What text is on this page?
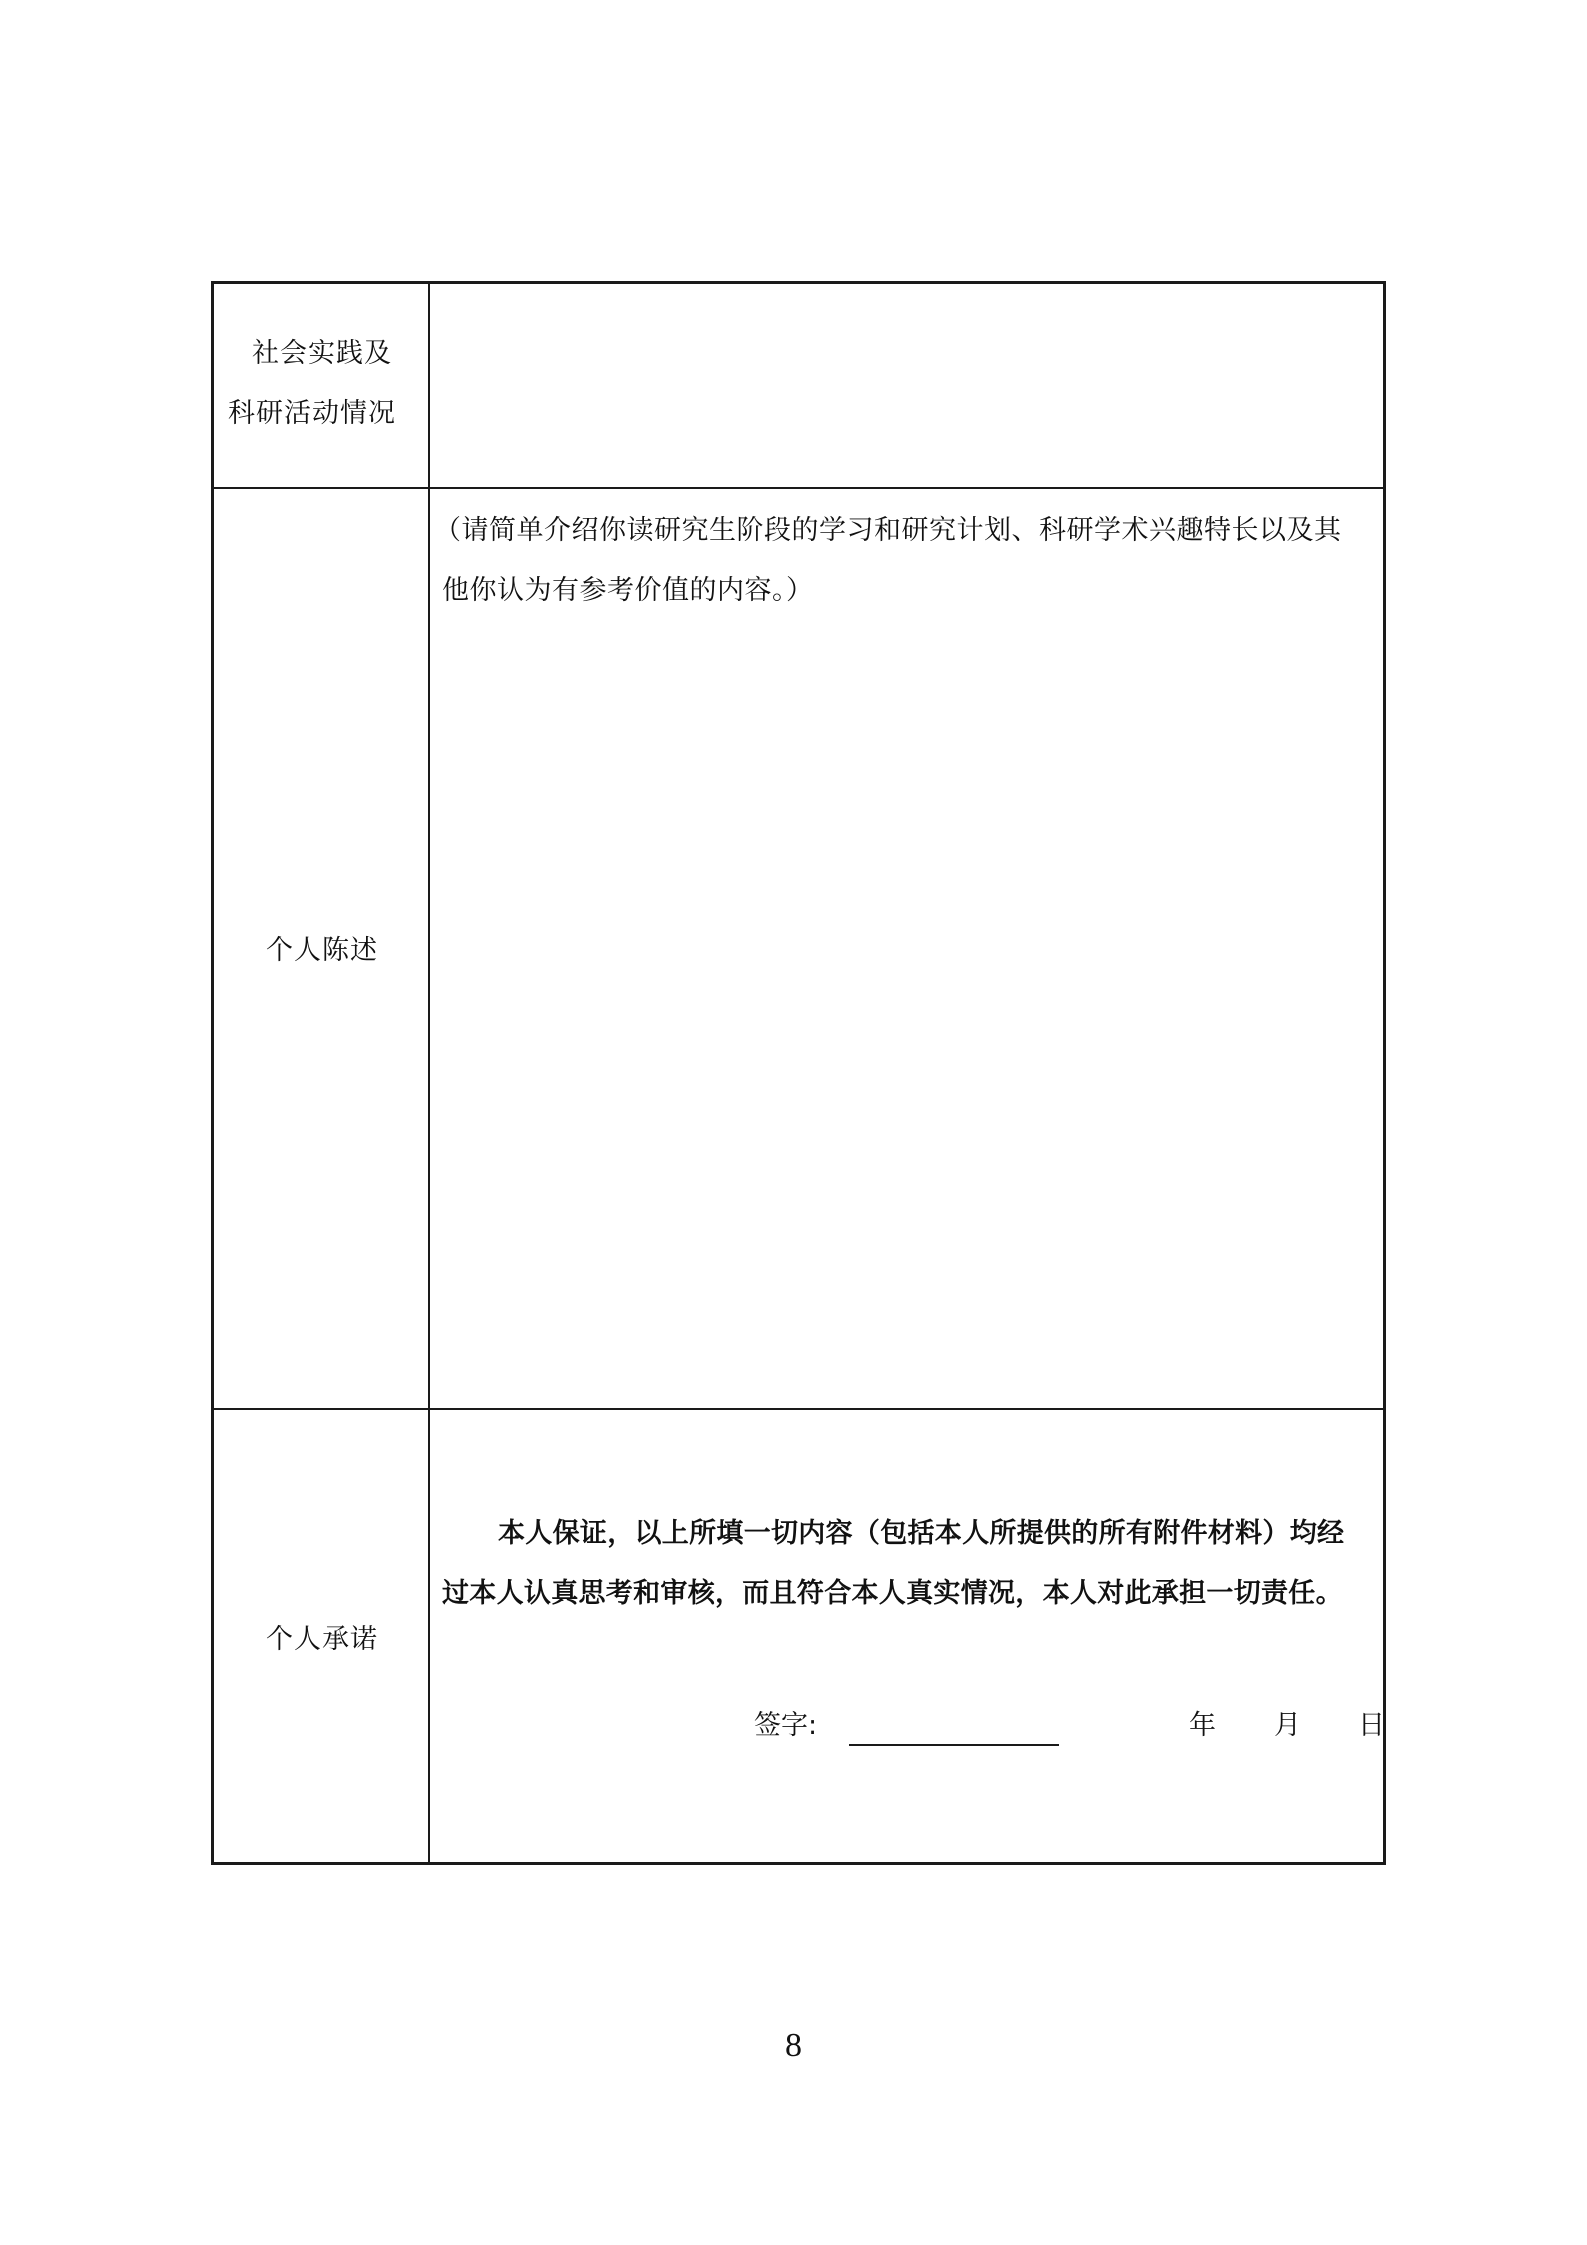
社会实践及
科研活动情况
个人陈述
（请简单介绍你读研究生阶段的学习和研究计划、科研学术兴趣特长以及其
他你认为有参考价值的内容。）
个人承诺
本人保证，以上所填一切内容（包括本人所提供的所有附件材料）均经
过本人认真思考和审核，而且符合本人真实情况，本人对此承担一切责任。
签字:	年 月 日
8
